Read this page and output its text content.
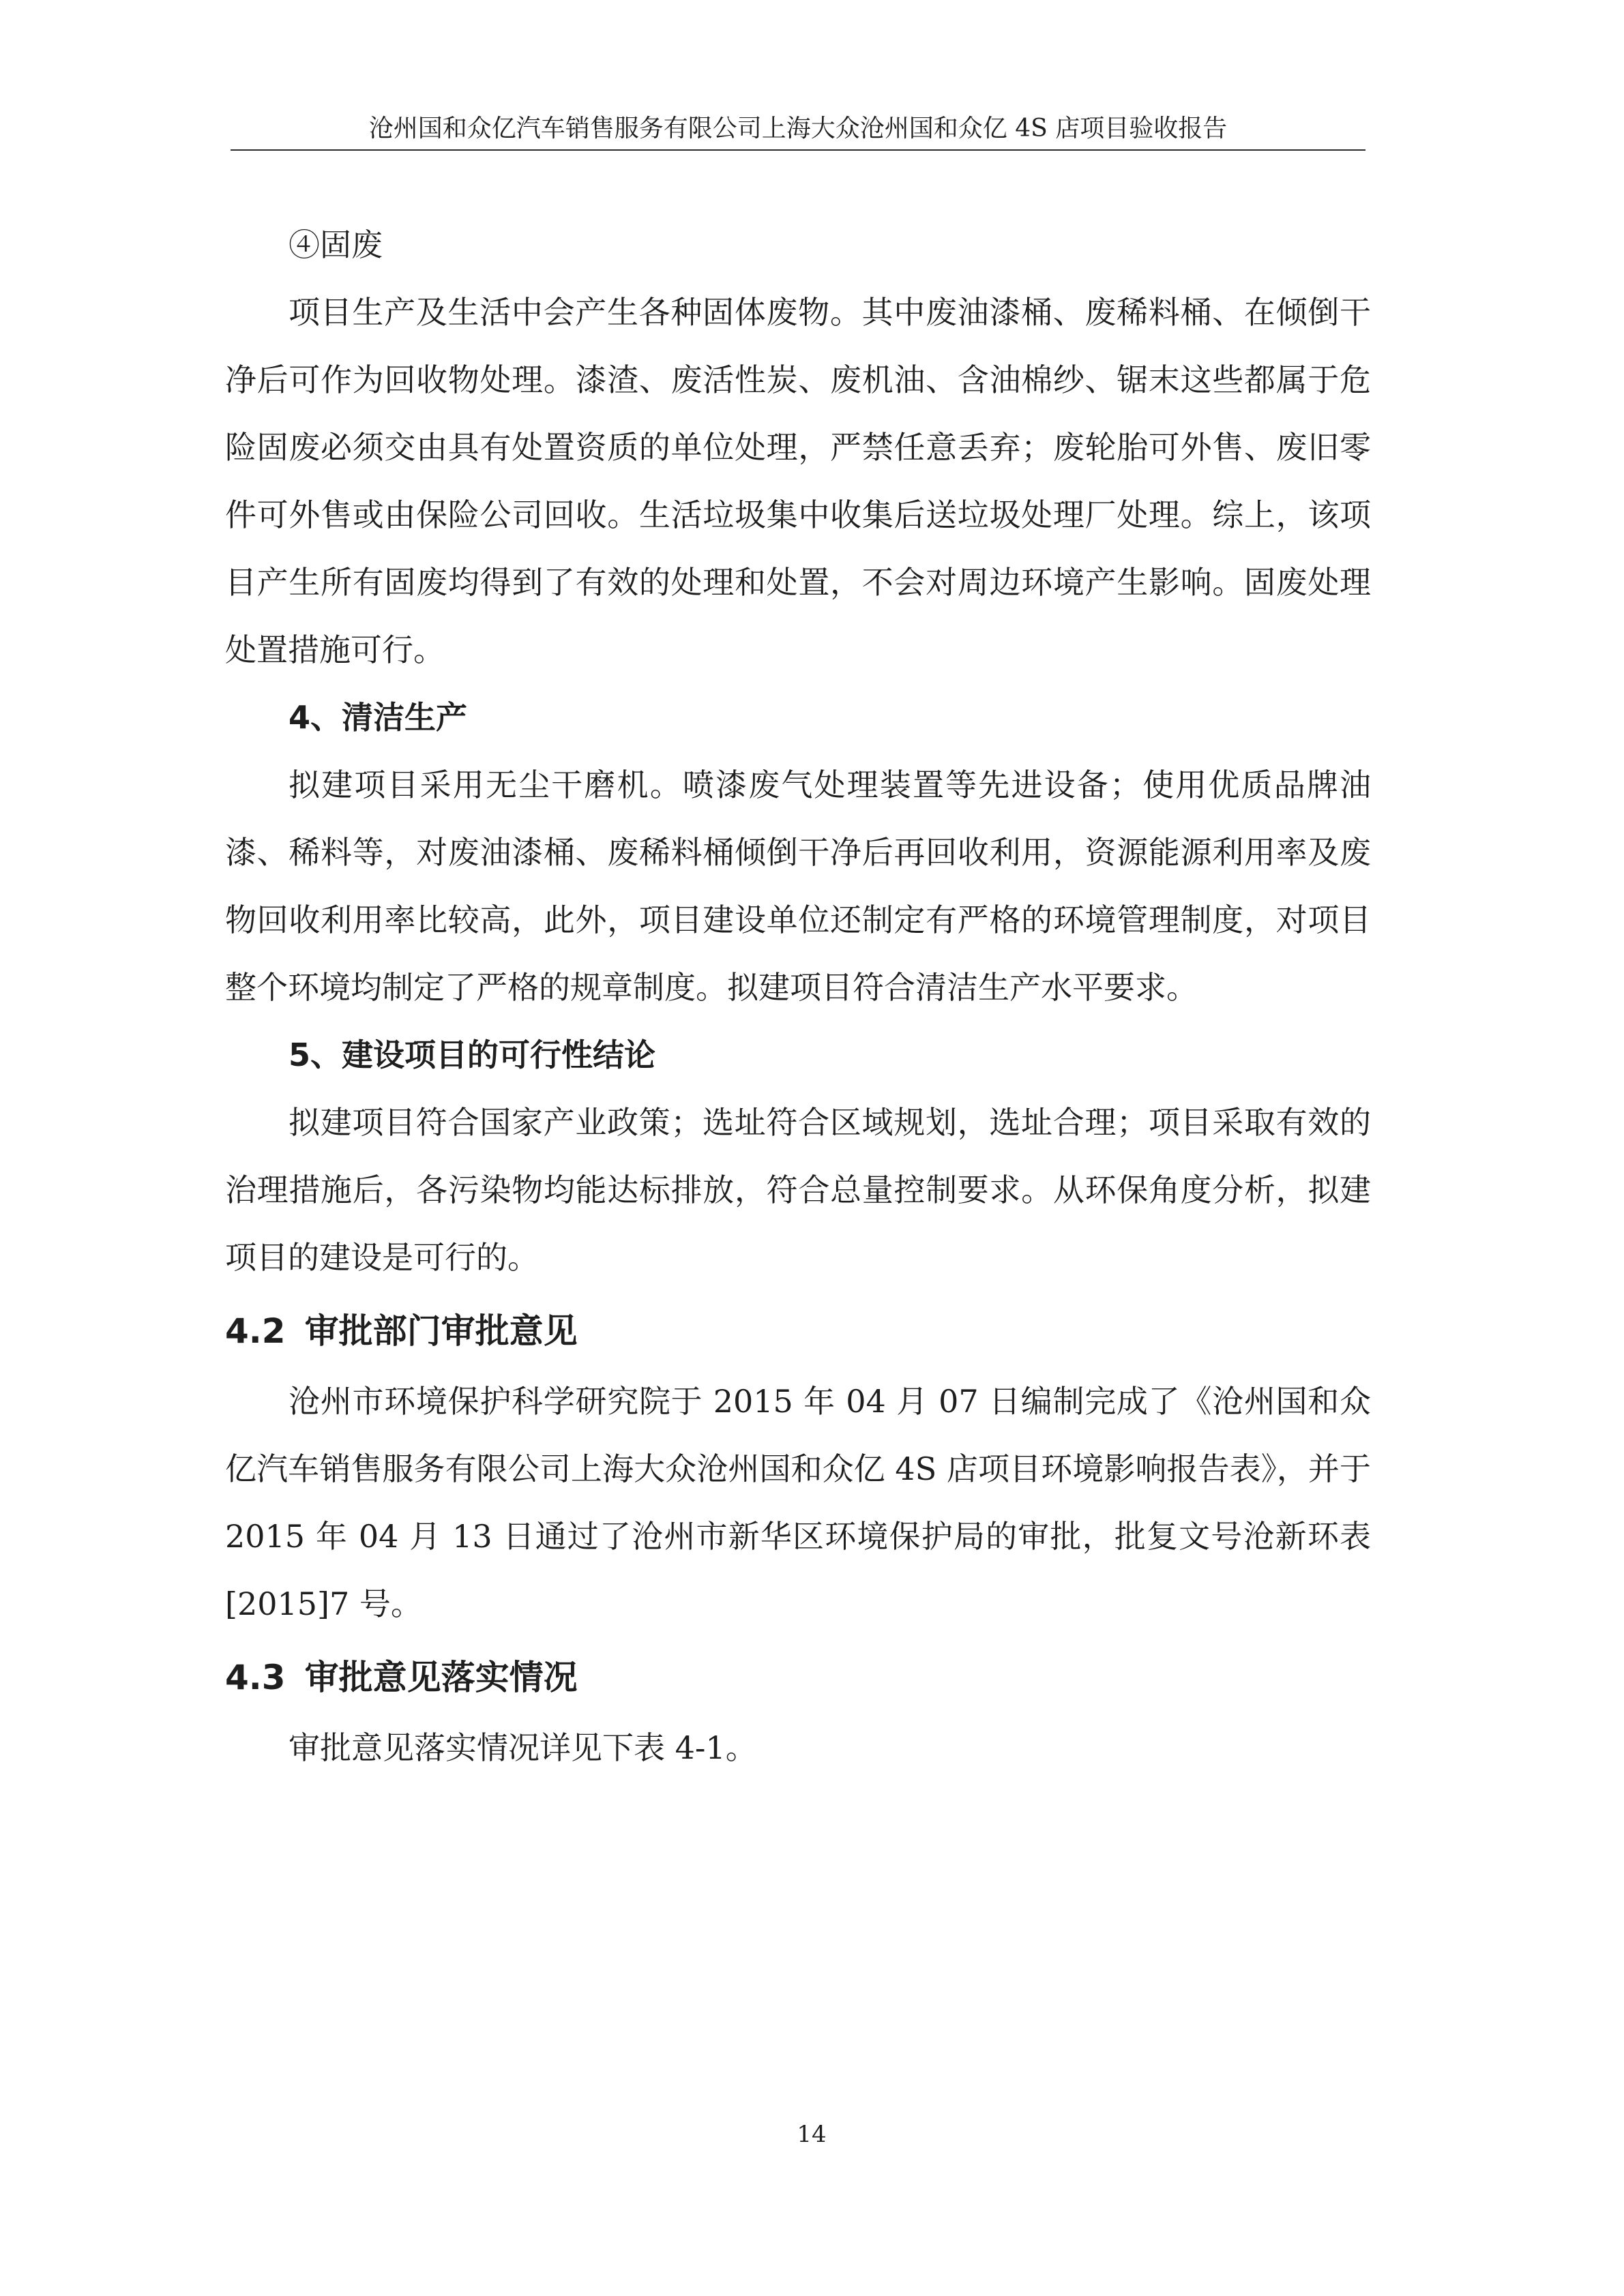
沧州国和众亿汽车销售服务有限公司上海大众沧州国和众亿 4S 店项目验收报告

④固废

项目生产及生活中会产生各种固体废物。其中废油漆桶、废稀料桶、在倾倒干净后可作为回收物处理。漆渣、废活性炭、废机油、含油棉纱、锯末这些都属于危险固废必须交由具有处置资质的单位处理，严禁任意丢弃；废轮胎可外售、废旧零件可外售或由保险公司回收。生活垃圾集中收集后送垃圾处理厂处理。综上，该项目产生所有固废均得到了有效的处理和处置，不会对周边环境产生影响。固废处理处置措施可行。

4、清洁生产

拟建项目采用无尘干磨机。喷漆废气处理装置等先进设备；使用优质品牌油漆、稀料等，对废油漆桶、废稀料桶倾倒干净后再回收利用，资源能源利用率及废物回收利用率比较高，此外，项目建设单位还制定有严格的环境管理制度，对项目整个环境均制定了严格的规章制度。拟建项目符合清洁生产水平要求。

5、建设项目的可行性结论

拟建项目符合国家产业政策；选址符合区域规划，选址合理；项目采取有效的治理措施后，各污染物均能达标排放，符合总量控制要求。从环保角度分析，拟建项目的建设是可行的。

4.2 审批部门审批意见

沧州市环境保护科学研究院于 2015 年 04 月 07 日编制完成了《沧州国和众亿汽车销售服务有限公司上海大众沧州国和众亿 4S 店项目环境影响报告表》，并于 2015 年 04 月 13 日通过了沧州市新华区环境保护局的审批，批复文号沧新环表[2015]7 号。

4.3 审批意见落实情况

审批意见落实情况详见下表 4-1。

14
